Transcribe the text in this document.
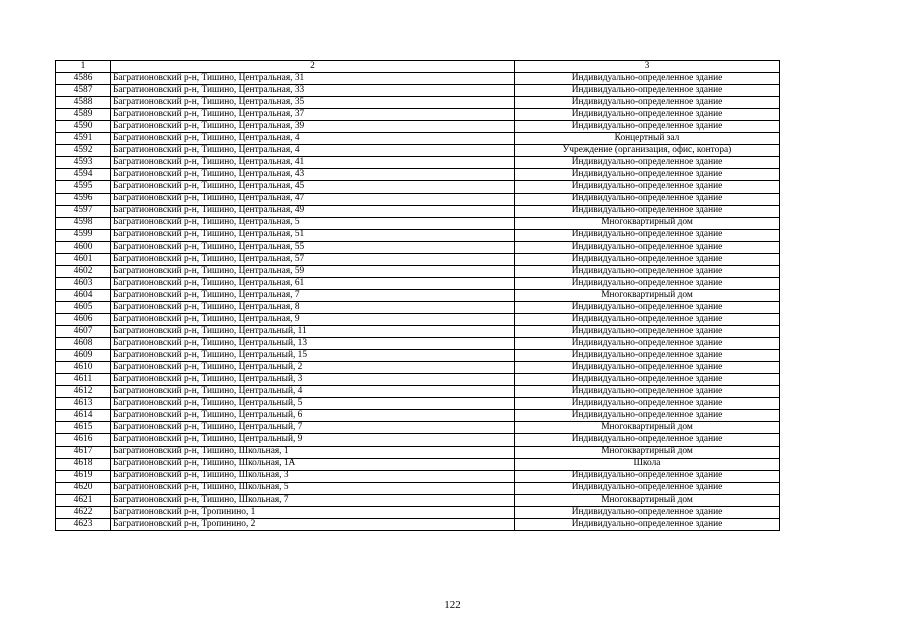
1	2	3
4586	Багратионовский р-н, Тишино, Центральная, 31	Индивидуально-определенное здание
4587	Багратионовский р-н, Тишино, Центральная, 33	Индивидуально-определенное здание
4588	Багратионовский р-н, Тишино, Центральная, 35	Индивидуально-определенное здание
4589	Багратионовский р-н, Тишино, Центральная, 37	Индивидуально-определенное здание
4590	Багратионовский р-н, Тишино, Центральная, 39	Индивидуально-определенное здание
4591	Багратионовский р-н, Тишино, Центральная, 4	Концертный зал
4592	Багратионовский р-н, Тишино, Центральная, 4	Учреждение (организация, офис, контора)
4593	Багратионовский р-н, Тишино, Центральная, 41	Индивидуально-определенное здание
4594	Багратионовский р-н, Тишино, Центральная, 43	Индивидуально-определенное здание
4595	Багратионовский р-н, Тишино, Центральная, 45	Индивидуально-определенное здание
4596	Багратионовский р-н, Тишино, Центральная, 47	Индивидуально-определенное здание
4597	Багратионовский р-н, Тишино, Центральная, 49	Индивидуально-определенное здание
4598	Багратионовский р-н, Тишино, Центральная, 5	Многоквартирный дом
4599	Багратионовский р-н, Тишино, Центральная, 51	Индивидуально-определенное здание
4600	Багратионовский р-н, Тишино, Центральная, 55	Индивидуально-определенное здание
4601	Багратионовский р-н, Тишино, Центральная, 57	Индивидуально-определенное здание
4602	Багратионовский р-н, Тишино, Центральная, 59	Индивидуально-определенное здание
4603	Багратионовский р-н, Тишино, Центральная, 61	Индивидуально-определенное здание
4604	Багратионовский р-н, Тишино, Центральная, 7	Многоквартирный дом
4605	Багратионовский р-н, Тишино, Центральная, 8	Индивидуально-определенное здание
4606	Багратионовский р-н, Тишино, Центральная, 9	Индивидуально-определенное здание
4607	Багратионовский р-н, Тишино, Центральный, 11	Индивидуально-определенное здание
4608	Багратионовский р-н, Тишино, Центральный, 13	Индивидуально-определенное здание
4609	Багратионовский р-н, Тишино, Центральный, 15	Индивидуально-определенное здание
4610	Багратионовский р-н, Тишино, Центральный, 2	Индивидуально-определенное здание
4611	Багратионовский р-н, Тишино, Центральный, 3	Индивидуально-определенное здание
4612	Багратионовский р-н, Тишино, Центральный, 4	Индивидуально-определенное здание
4613	Багратионовский р-н, Тишино, Центральный, 5	Индивидуально-определенное здание
4614	Багратионовский р-н, Тишино, Центральный, 6	Индивидуально-определенное здание
4615	Багратионовский р-н, Тишино, Центральный, 7	Многоквартирный дом
4616	Багратионовский р-н, Тишино, Центральный, 9	Индивидуально-определенное здание
4617	Багратионовский р-н, Тишино, Школьная, 1	Многоквартирный дом
4618	Багратионовский р-н, Тишино, Школьная, 1А	Школа
4619	Багратионовский р-н, Тишино, Школьная, 3	Индивидуально-определенное здание
4620	Багратионовский р-н, Тишино, Школьная, 5	Индивидуально-определенное здание
4621	Багратионовский р-н, Тишино, Школьная, 7	Многоквартирный дом
4622	Багратионовский р-н, Тропинино, 1	Индивидуально-определенное здание
4623	Багратионовский р-н, Тропинино, 2	Индивидуально-определенное здание
122
